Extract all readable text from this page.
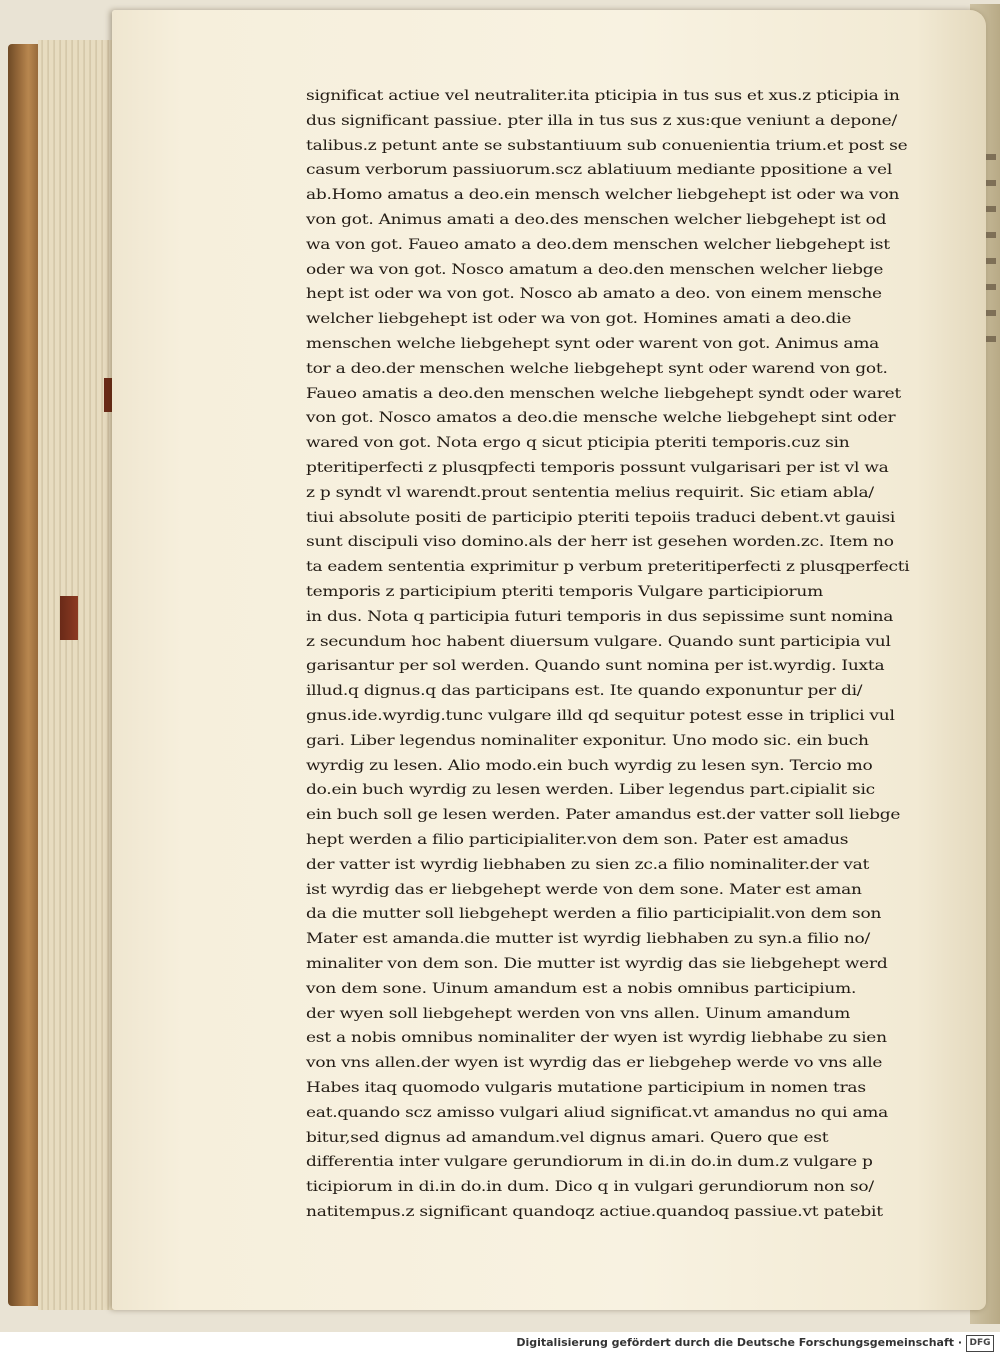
significat actiue vel neutraliter.ita pticipia in tus sus et xus.z pticipia in
dus significant passiue. pter illa in tus sus z xus:que veniunt a depone/
talibus.z petunt ante se substantiuum sub conuenientia trium.et post se
casum verborum passiuorum.scz ablatiuum mediante ppositione a vel
ab.Homo amatus a deo.ein mensch welcher liebgehept ist oder wa von
von got. Animus amati a deo.des menschen welcher liebgehept ist od
wa von got. Faueo amato a deo.dem menschen welcher liebgehept ist
oder wa von got. Nosco amatum a deo.den menschen welcher liebge
hept ist oder wa von got. Nosco ab amato a deo. von einem mensche
welcher liebgehept ist oder wa von got. Homines amati a deo.die
menschen welche liebgehept synt oder warent von got. Animus ama
tor a deo.der menschen welche liebgehept synt oder warend von got.
Faueo amatis a deo.den menschen welche liebgehept syndt oder waret
von got. Nosco amatos a deo.die mensche welche liebgehept sint oder
wared von got. Nota ergo q sicut pticipia pteriti temporis.cuz sin
pteritiperfecti z plusqpfecti temporis possunt vulgarisari per ist vl wa
z p syndt vl warendt.prout sententia melius requirit. Sic etiam abla/
tiui absolute positi de participio pteriti tepoiis traduci debent.vt gauisi
sunt discipuli viso domino.als der herr ist gesehen worden.zc. Item no
ta eadem sententia exprimitur p verbum preteritiperfecti z plusqperfecti
temporis z participium pteriti temporis Vulgare participiorum
in dus. Nota q participia futuri temporis in dus sepissime sunt nomina
z secundum hoc habent diuersum vulgare. Quando sunt participia vul
garisantur per sol werden. Quando sunt nomina per ist.wyrdig. Iuxta
illud.q dignus.q das participans est. Ite quando exponuntur per di/
gnus.ide.wyrdig.tunc vulgare illd qd sequitur potest esse in triplici vul
gari. Liber legendus nominaliter exponitur. Uno modo sic. ein buch
wyrdig zu lesen. Alio modo.ein buch wyrdig zu lesen syn. Tercio mo
do.ein buch wyrdig zu lesen werden. Liber legendus part.cipialit sic
ein buch soll ge lesen werden. Pater amandus est.der vatter soll liebge
hept werden a filio participialiter.von dem son. Pater est amadus
der vatter ist wyrdig liebhaben zu sien zc.a filio nominaliter.der vat
ist wyrdig das er liebgehept werde von dem sone. Mater est aman
da die mutter soll liebgehept werden a filio participialit.von dem son
Mater est amanda.die mutter ist wyrdig liebhaben zu syn.a filio no/
minaliter von dem son. Die mutter ist wyrdig das sie liebgehept werd
von dem sone. Uinum amandum est a nobis omnibus participium.
der wyen soll liebgehept werden von vns allen. Uinum amandum
est a nobis omnibus nominaliter der wyen ist wyrdig liebhabe zu sien
von vns allen.der wyen ist wyrdig das er liebgehep werde vo vns alle
Habes itaq quomodo vulgaris mutatione participium in nomen tras
eat.quando scz amisso vulgari aliud significat.vt amandus no qui ama
bitur,sed dignus ad amandum.vel dignus amari. Quero que est
differentia inter vulgare gerundiorum in di.in do.in dum.z vulgare p
ticipiorum in di.in do.in dum. Dico q in vulgari gerundiorum non so/
natitempus.z significant quandoqz actiue.quandoq passiue.vt patebit
Digitalisierung gefördert durch die Deutsche Forschungsgemeinschaft · DFG
